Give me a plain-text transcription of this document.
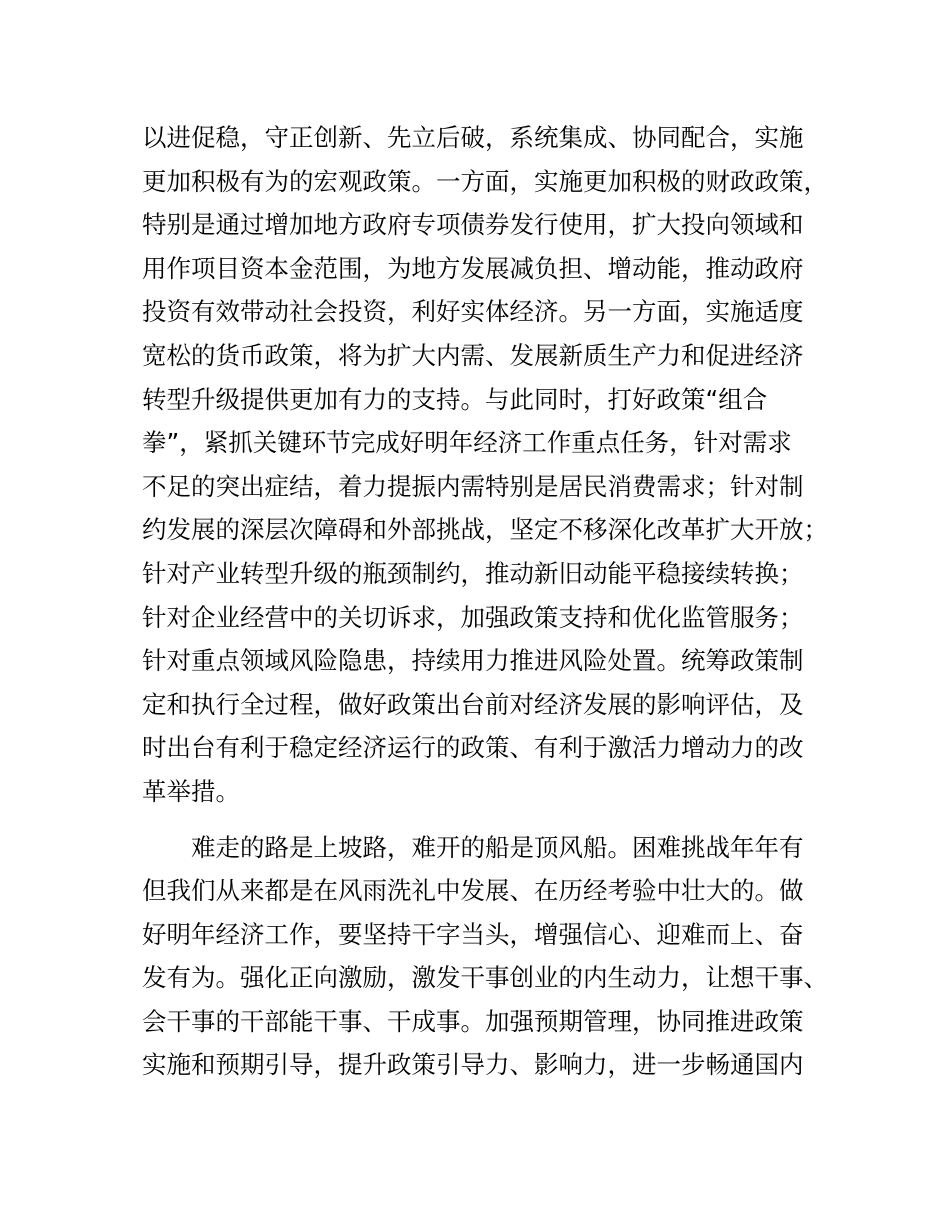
以进促稳，守正创新、先立后破，系统集成、协同配合，实施
更加积极有为的宏观政策。一方面，实施更加积极的财政政策，
特别是通过增加地方政府专项债券发行使用，扩大投向领域和
用作项目资本金范围，为地方发展减负担、增动能，推动政府
投资有效带动社会投资，利好实体经济。另一方面，实施适度
宽松的货币政策，将为扩大内需、发展新质生产力和促进经济
转型升级提供更加有力的支持。与此同时，打好政策“组合
拳”，紧抓关键环节完成好明年经济工作重点任务，针对需求
不足的突出症结，着力提振内需特别是居民消费需求；针对制
约发展的深层次障碍和外部挑战，坚定不移深化改革扩大开放；
针对产业转型升级的瓶颈制约，推动新旧动能平稳接续转换；
针对企业经营中的关切诉求，加强政策支持和优化监管服务；
针对重点领域风险隐患，持续用力推进风险处置。统筹政策制
定和执行全过程，做好政策出台前对经济发展的影响评估，及
时出台有利于稳定经济运行的政策、有利于激活力增动力的改
革举措。
难走的路是上坡路，难开的船是顶风船。困难挑战年年有
但我们从来都是在风雨洗礼中发展、在历经考验中壮大的。做
好明年经济工作，要坚持干字当头，增强信心、迎难而上、奋
发有为。强化正向激励，激发干事创业的内生动力，让想干事、
会干事的干部能干事、干成事。加强预期管理，协同推进政策
实施和预期引导，提升政策引导力、影响力，进一步畅通国内
